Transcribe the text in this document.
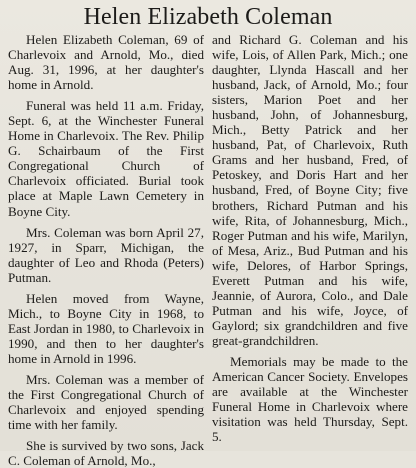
Helen Elizabeth Coleman

Helen Elizabeth Coleman, 69 of Charlevoix and Arnold, Mo., died Aug. 31, 1996, at her daughter's home in Arnold.

Funeral was held 11 a.m. Friday, Sept. 6, at the Winchester Funeral Home in Charlevoix. The Rev. Philip G. Schairbaum of the First Congregational Church of Charlevoix officiated. Burial took place at Maple Lawn Cemetery in Boyne City.

Mrs. Coleman was born April 27, 1927, in Sparr, Michigan, the daughter of Leo and Rhoda (Peters) Putman.

Helen moved from Wayne, Mich., to Boyne City in 1968, to East Jordan in 1980, to Charlevoix in 1990, and then to her daughter's home in Arnold in 1996.

Mrs. Coleman was a member of the First Congregational Church of Charlevoix and enjoyed spending time with her family.

She is survived by two sons, Jack C. Coleman of Arnold, Mo.,

and Richard G. Coleman and his wife, Lois, of Allen Park, Mich.; one daughter, Llynda Hascall and her husband, Jack, of Arnold, Mo.; four sisters, Marion Poet and her husband, John, of Johannesburg, Mich., Betty Patrick and her husband, Pat, of Charlevoix, Ruth Grams and her husband, Fred, of Petoskey, and Doris Hart and her husband, Fred, of Boyne City; five brothers, Richard Putman and his wife, Rita, of Johannesburg, Mich., Roger Putman and his wife, Marilyn, of Mesa, Ariz., Bud Putman and his wife, Delores, of Harbor Springs, Everett Putman and his wife, Jeannie, of Aurora, Colo., and Dale Putman and his wife, Joyce, of Gaylord; six grandchildren and five great-grandchildren.

Memorials may be made to the American Cancer Society. Envelopes are available at the Winchester Funeral Home in Charlevoix where visitation was held Thursday, Sept. 5.
